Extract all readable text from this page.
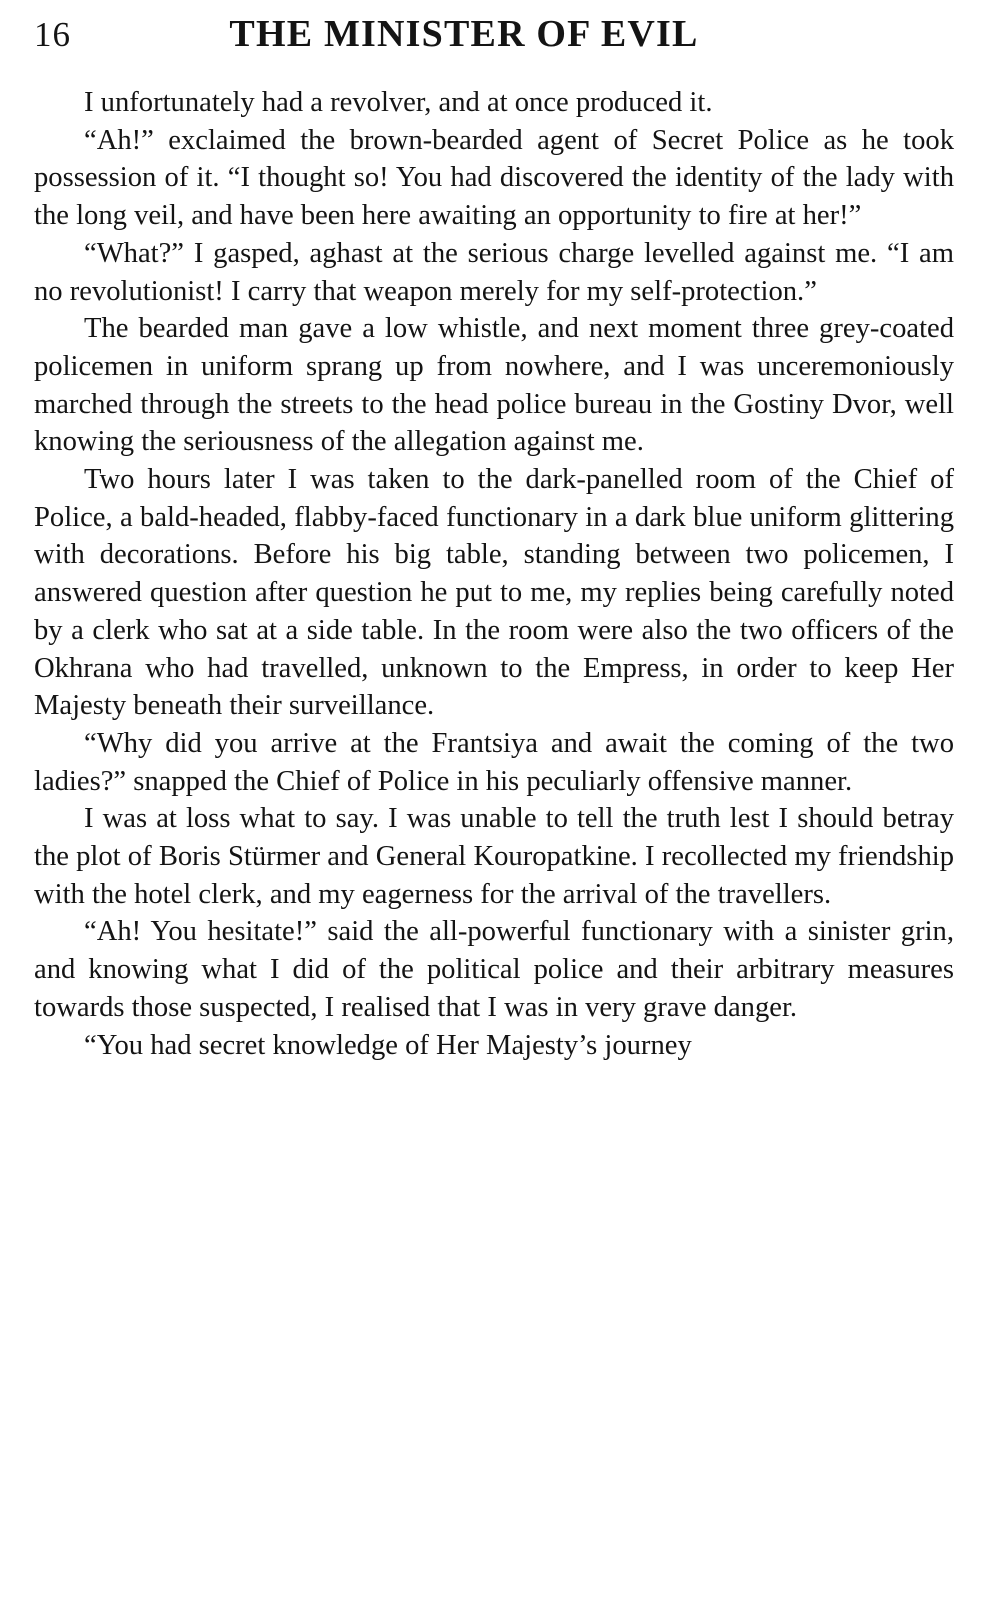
16	THE MINISTER OF EVIL

I unfortunately had a revolver, and at once produced it.

“Ah!” exclaimed the brown-bearded agent of Secret Police as he took possession of it. “I thought so! You had discovered the identity of the lady with the long veil, and have been here awaiting an opportunity to fire at her!”

“What?” I gasped, aghast at the serious charge levelled against me. “I am no revolutionist! I carry that weapon merely for my self-protection.”

The bearded man gave a low whistle, and next moment three grey-coated policemen in uniform sprang up from nowhere, and I was unceremoniously marched through the streets to the head police bureau in the Gostiny Dvor, well knowing the seriousness of the allegation against me.

Two hours later I was taken to the dark-panelled room of the Chief of Police, a bald-headed, flabby-faced functionary in a dark blue uniform glittering with decorations. Before his big table, standing between two policemen, I answered question after question he put to me, my replies being carefully noted by a clerk who sat at a side table. In the room were also the two officers of the Okhrana who had travelled, unknown to the Empress, in order to keep Her Majesty beneath their surveillance.

“Why did you arrive at the Frantsiya and await the coming of the two ladies?” snapped the Chief of Police in his peculiarly offensive manner.

I was at loss what to say. I was unable to tell the truth lest I should betray the plot of Boris Stürmer and General Kouropatkine. I recollected my friendship with the hotel clerk, and my eagerness for the arrival of the travellers.

“Ah! You hesitate!” said the all-powerful functionary with a sinister grin, and knowing what I did of the political police and their arbitrary measures towards those suspected, I realised that I was in very grave danger.

“You had secret knowledge of Her Majesty’s journey
